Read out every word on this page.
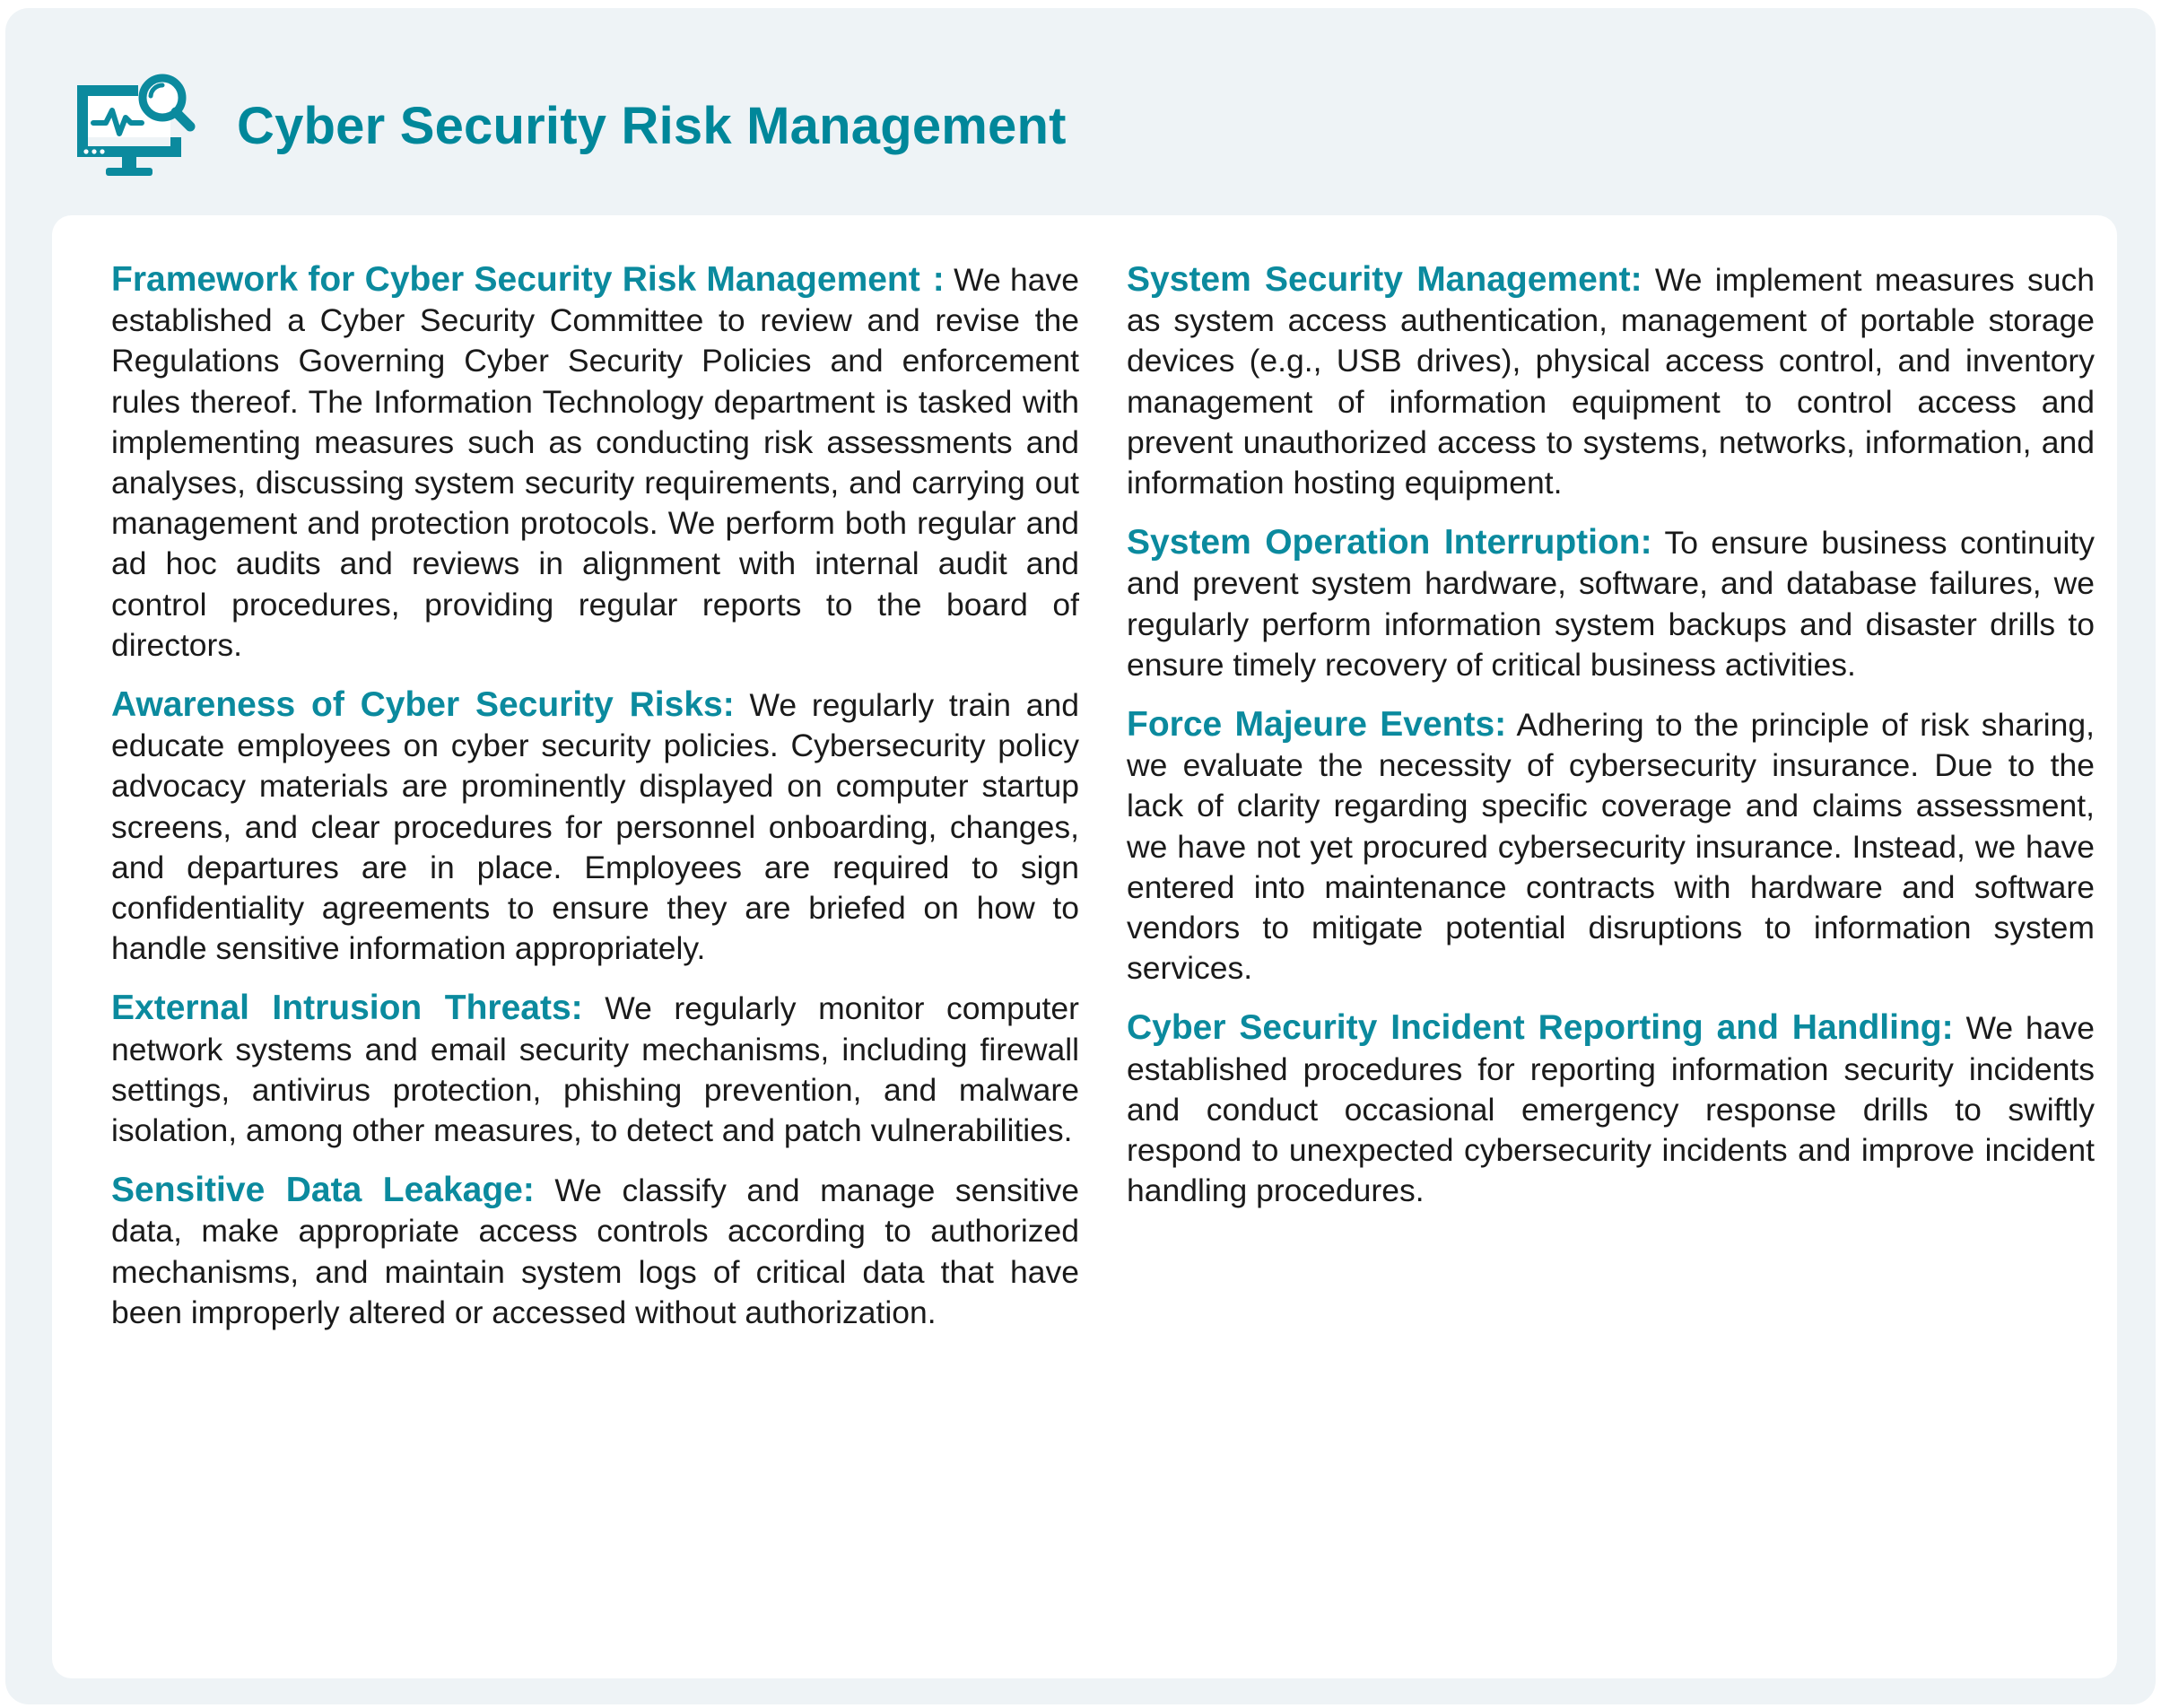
Cyber Security Risk Management

Framework for Cyber Security Risk Management : We have established a Cyber Security Committee to review and revise the Regulations Governing Cyber Security Policies and enforcement rules thereof. The Information Technology department is tasked with implementing measures such as conducting risk assessments and analyses, discussing system security requirements, and carrying out management and protection protocols. We perform both regular and ad hoc audits and reviews in alignment with internal audit and control procedures, providing regular reports to the board of directors.

Awareness of Cyber Security Risks: We regularly train and educate employees on cyber security policies. Cybersecurity policy advocacy materials are prominently displayed on computer startup screens, and clear procedures for personnel onboarding, changes, and departures are in place. Employees are required to sign confidentiality agreements to ensure they are briefed on how to handle sensitive information appropriately.

External Intrusion Threats: We regularly monitor computer network systems and email security mechanisms, including firewall settings, antivirus protection, phishing prevention, and malware isolation, among other measures, to detect and patch vulnerabilities.

Sensitive Data Leakage: We classify and manage sensitive data, make appropriate access controls according to authorized mechanisms, and maintain system logs of critical data that have been improperly altered or accessed without authorization.

System Security Management: We implement measures such as system access authentication, management of portable storage devices (e.g., USB drives), physical access control, and inventory management of information equipment to control access and prevent unauthorized access to systems, networks, information, and information hosting equipment.

System Operation Interruption: To ensure business continuity and prevent system hardware, software, and database failures, we regularly perform information system backups and disaster drills to ensure timely recovery of critical business activities.

Force Majeure Events: Adhering to the principle of risk sharing, we evaluate the necessity of cybersecurity insurance. Due to the lack of clarity regarding specific coverage and claims assessment, we have not yet procured cybersecurity insurance. Instead, we have entered into maintenance contracts with hardware and software vendors to mitigate potential disruptions to information system services.

Cyber Security Incident Reporting and Handling: We have established procedures for reporting information security incidents and conduct occasional emergency response drills to swiftly respond to unexpected cybersecurity incidents and improve incident handling procedures.
